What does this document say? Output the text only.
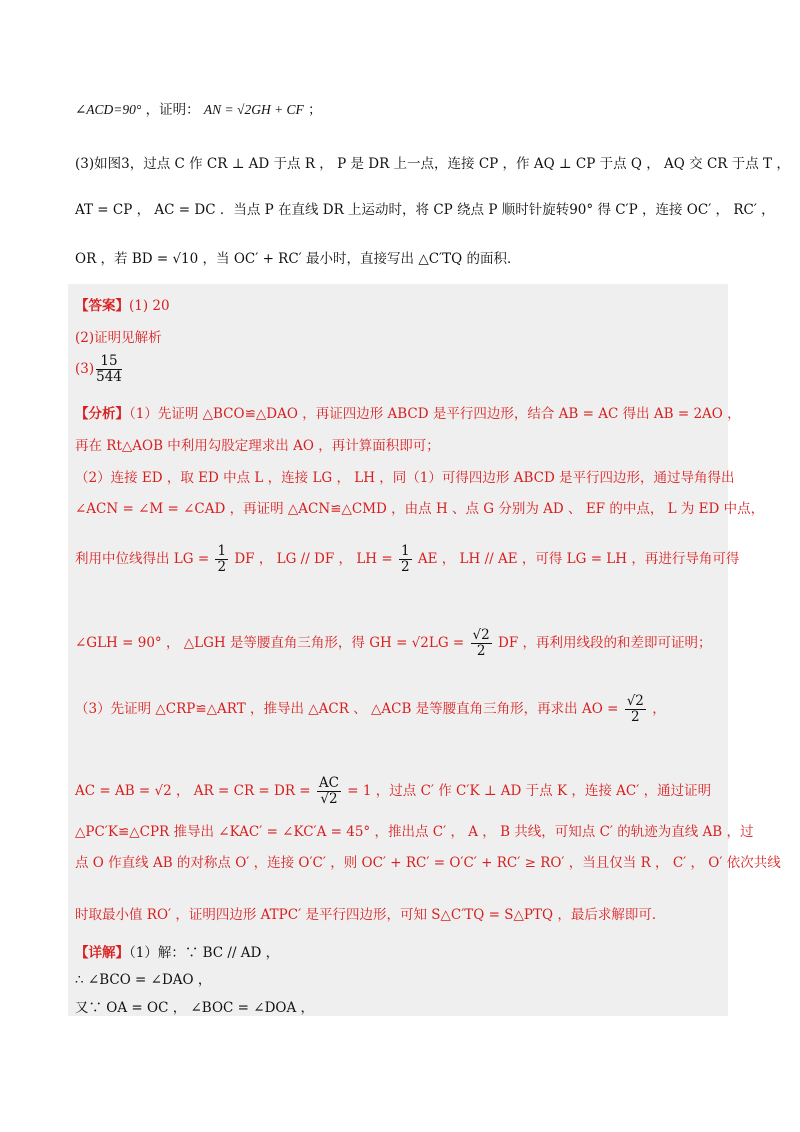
∠ACD=90° ，证明： AN = √2GH + CF ；
(3)如图3，过点 C 作 CR ⊥ AD 于点 R ， P 是 DR 上一点，连接 CP ，作 AQ ⊥ CP 于点 Q ， AQ 交 CR 于点 T ，
AT = CP ， AC = DC ．当点 P 在直线 DR 上运动时，将 CP 绕点 P 顺时针旋转90° 得 C′P ，连接 OC′ ， RC′ ，
OR ，若 BD = √10 ，当 OC′ + RC′ 最小时，直接写出 △C′TQ 的面积．
【答案】(1) 20
(2)证明见解析
$(3) \frac{15}{544}$
【分析】（1）先证明 △BCO≌△DAO ，再证四边形 ABCD 是平行四边形，结合 AB = AC 得出 AB = 2AO ，
再在 Rt△AOB 中利用勾股定理求出 AO ，再计算面积即可；
（2）连接 ED ，取 ED 中点 L ，连接 LG ， LH ，同（1）可得四边形 ABCD 是平行四边形，通过导角得出
∠ACN = ∠M = ∠CAD ，再证明 △ACN≌△CMD ，由点 H 、点 G 分别为 AD 、 EF 的中点， L 为 ED 中点，
利用中位线得出 LG = $\frac{1}{2}$ DF ， LG // DF ， LH = $\frac{1}{2}$ AE ， LH // AE ，可得 LG = LH ，再进行导角可得
∠GLH = 90° ， △LGH 是等腰直角三角形，得 GH = $√2LG = \frac{√2}{2}$ DF ，再利用线段的和差即可证明；
（3）先证明 △CRP≌△ART ，推导出 △ACR 、 △ACB 是等腰直角三角形，再求出 AO = $\frac{√2}{2}$ ，
AC = AB = √2 ， AR = CR = DR = $\frac{AC}{√2} = 1$ ，过点 C′ 作 C′K ⊥ AD 于点 K ，连接 AC′ ，通过证明
△PC′K≌△CPR 推导出 ∠KAC′ = ∠KC′A = 45° ，推出点 C′ ， A ， B 共线，可知点 C′ 的轨迹为直线 AB ，过
点 O 作直线 AB 的对称点 O′ ，连接 O′C′ ，则 OC′ + RC′ = O′C′ + RC′ ≥ RO′ ，当且仅当 R ， C′ ， O′ 依次共线
时取最小值 RO′ ，证明四边形 ATPC′ 是平行四边形，可知 S△C′TQ = S△PTQ ，最后求解即可．
【详解】（1）解：∵ BC // AD ，
∴ ∠BCO = ∠DAO ，
又∵ OA = OC ， ∠BOC = ∠DOA ，
